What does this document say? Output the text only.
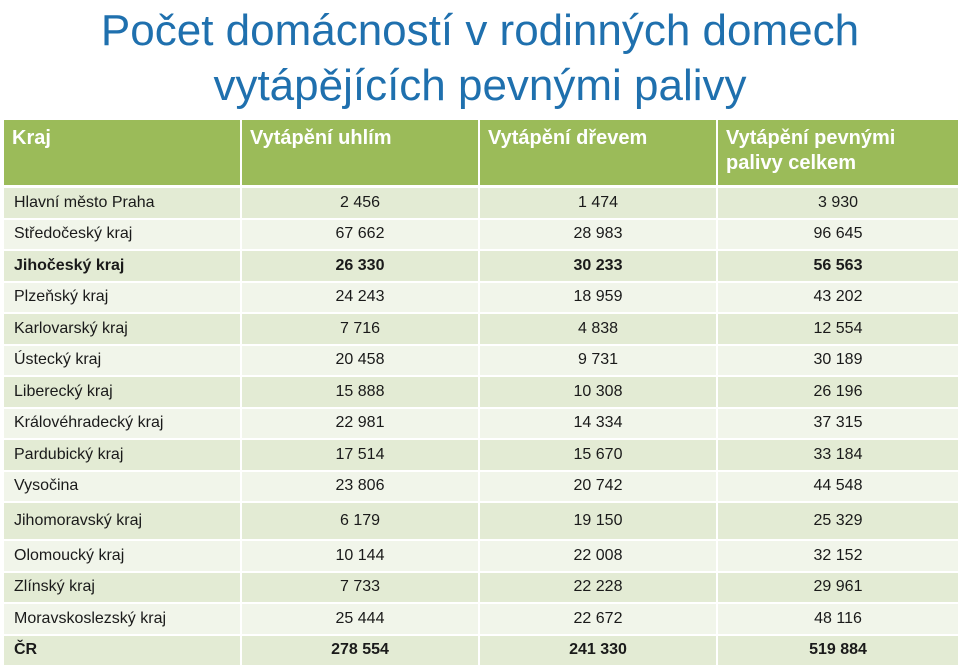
Počet domácností v rodinných domech
vytápějících pevnými palivy
Kraj	Vytápění uhlím	Vytápění dřevem	Vytápění pevnými palivy celkem
Hlavní město Praha	2 456	1 474	3 930
Středočeský kraj	67 662	28 983	96 645
Jihočeský kraj	26 330	30 233	56 563
Plzeňský kraj	24 243	18 959	43 202
Karlovarský kraj	7 716	4 838	12 554
Ústecký kraj	20 458	9 731	30 189
Liberecký kraj	15 888	10 308	26 196
Královéhradecký kraj	22 981	14 334	37 315
Pardubický kraj	17 514	15 670	33 184
Vysočina	23 806	20 742	44 548
Jihomoravský kraj	6 179	19 150	25 329
Olomoucký kraj	10 144	22 008	32 152
Zlínský kraj	7 733	22 228	29 961
Moravskoslezský kraj	25 444	22 672	48 116
ČR	278 554	241 330	519 884
